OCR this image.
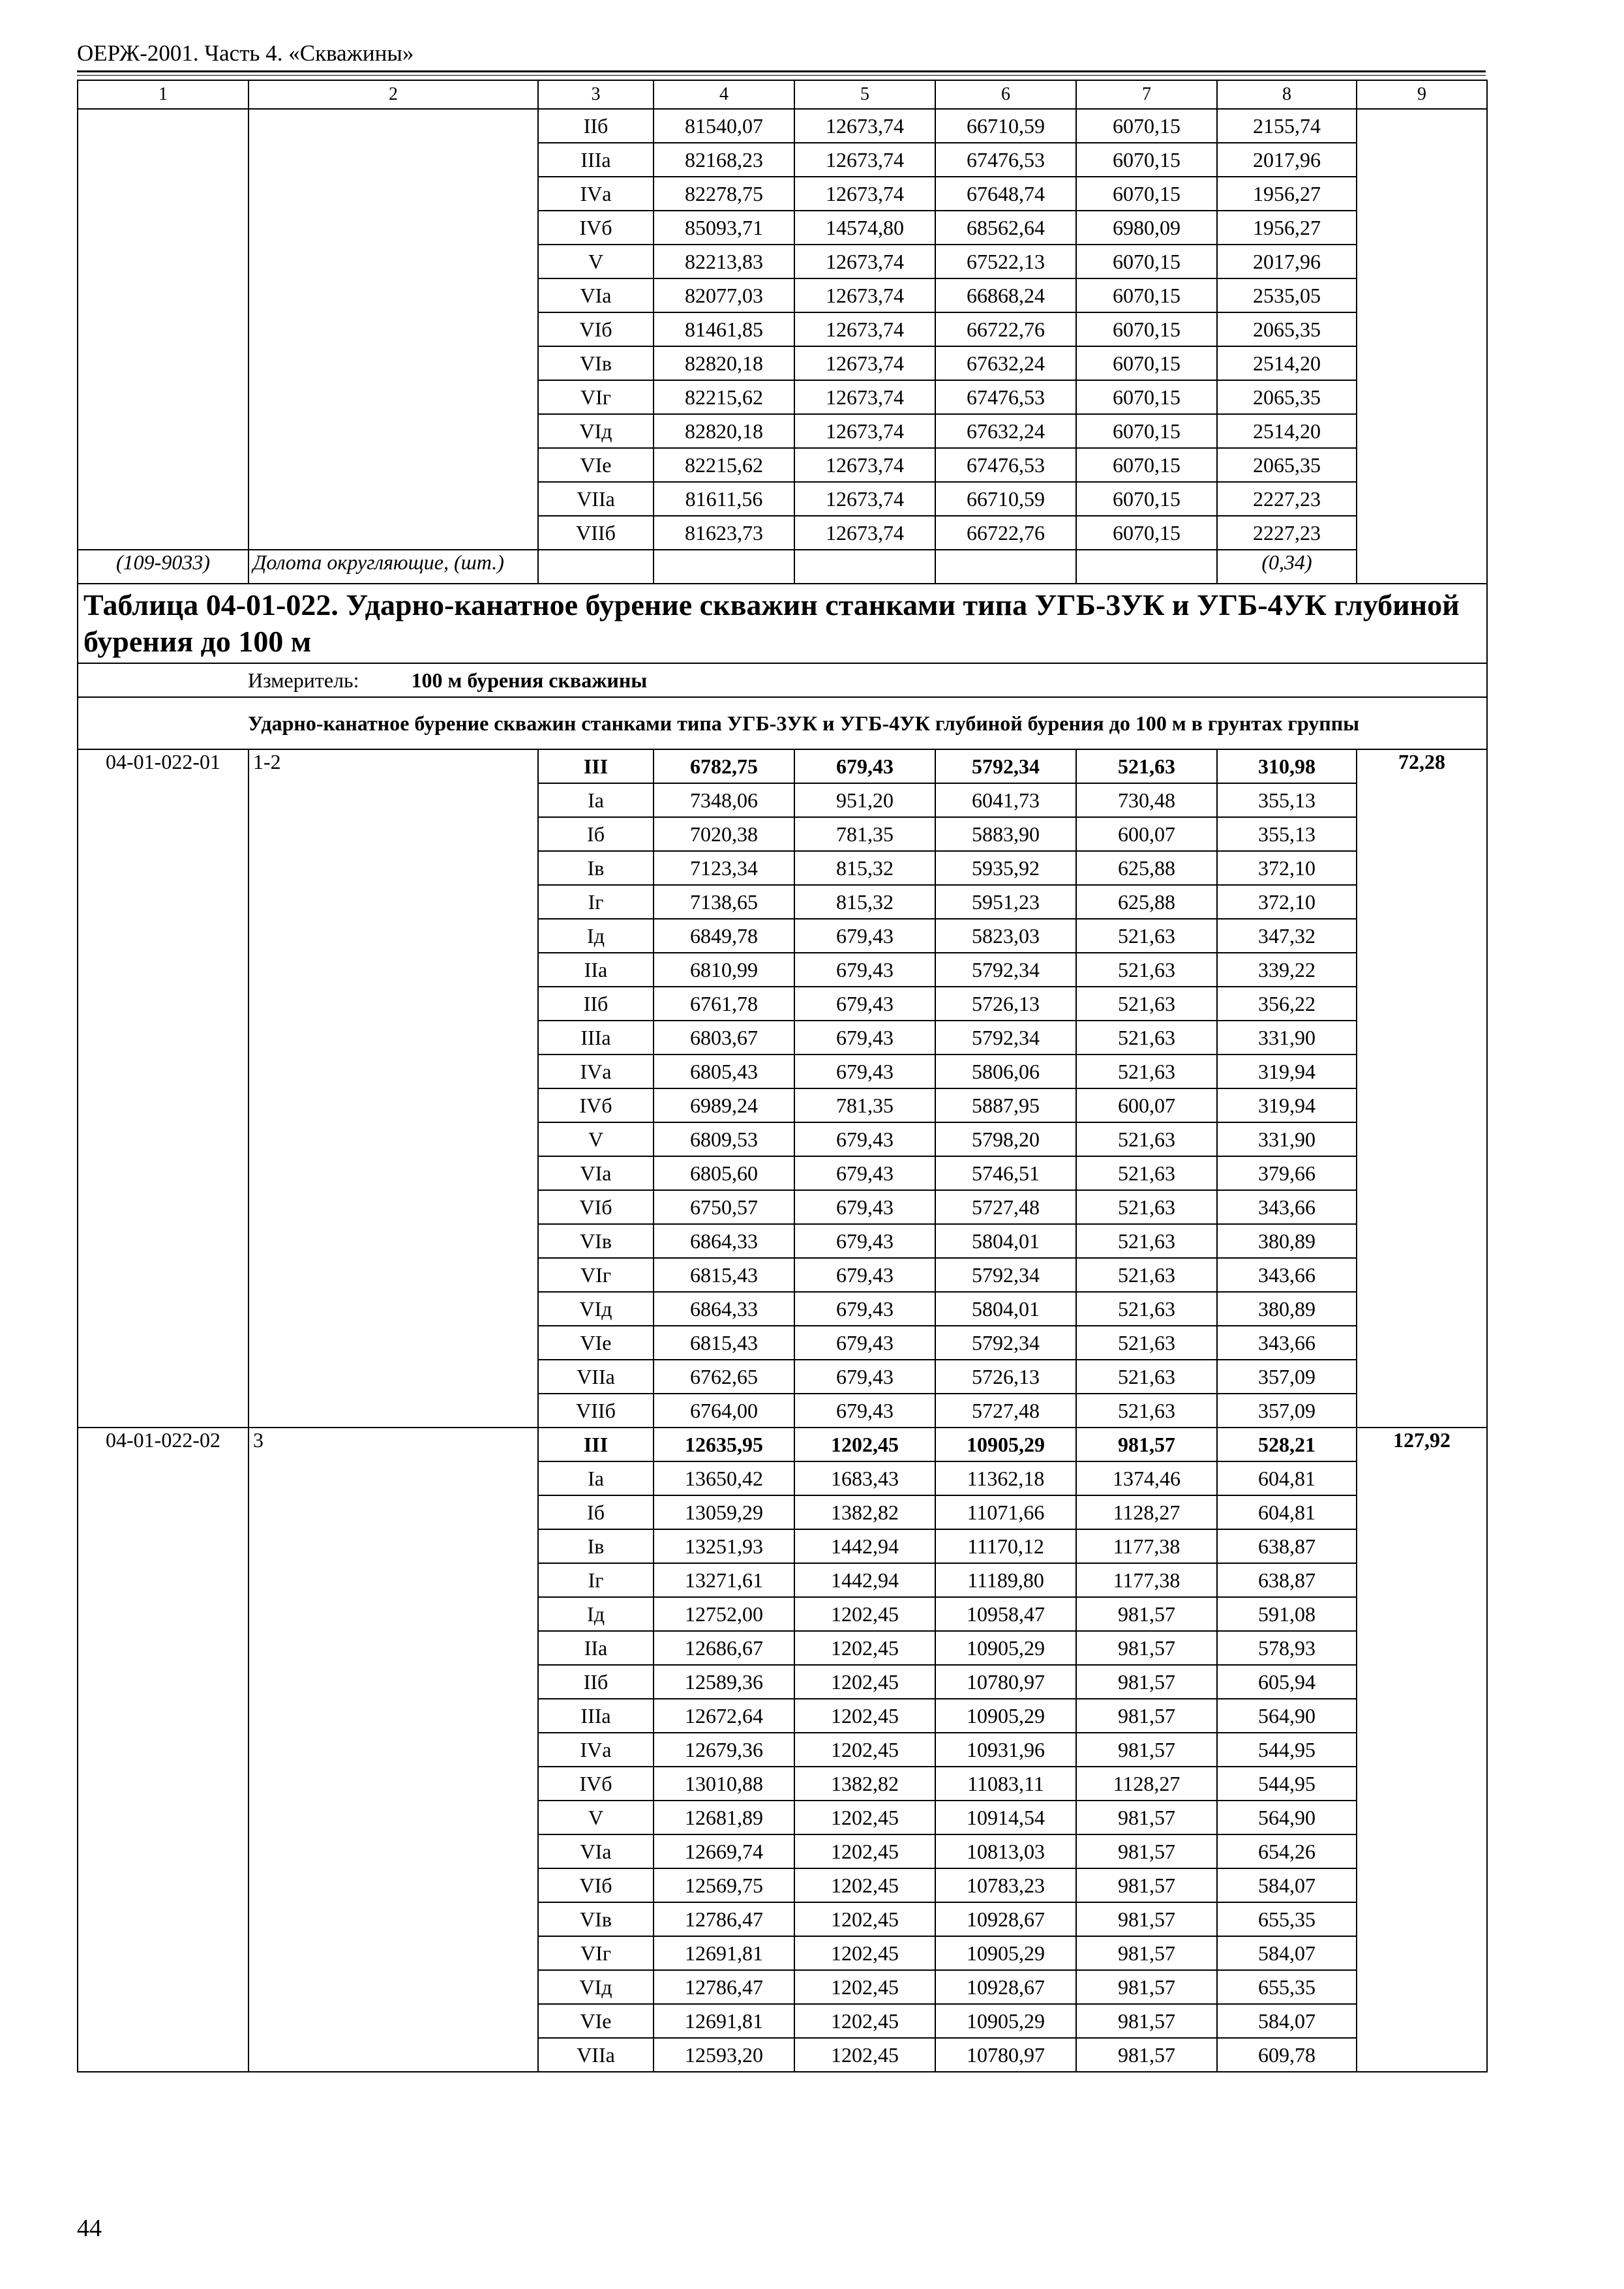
ОЕРЖ-2001. Часть 4. «Скважины»
1	2	3	4	5	6	7	8	9
		IIб	81540,07	12673,74	66710,59	6070,15	2155,74	
		IIIа	82168,23	12673,74	67476,53	6070,15	2017,96	
		IVа	82278,75	12673,74	67648,74	6070,15	1956,27	
		IVб	85093,71	14574,80	68562,64	6980,09	1956,27	
		V	82213,83	12673,74	67522,13	6070,15	2017,96	
		VIа	82077,03	12673,74	66868,24	6070,15	2535,05	
		VIб	81461,85	12673,74	66722,76	6070,15	2065,35	
		VIв	82820,18	12673,74	67632,24	6070,15	2514,20	
		VIг	82215,62	12673,74	67476,53	6070,15	2065,35	
		VIд	82820,18	12673,74	67632,24	6070,15	2514,20	
		VIе	82215,62	12673,74	67476,53	6070,15	2065,35	
		VIIа	81611,56	12673,74	66710,59	6070,15	2227,23	
		VIIб	81623,73	12673,74	66722,76	6070,15	2227,23	
(109-9033)	Долота округляющие, (шт.)						(0,34)	
Таблица 04-01-022. Ударно-канатное бурение скважин станками типа УГБ-3УК и УГБ-4УК глубиной бурения до 100 м								
Измеритель: 100 м бурения скважины								
Ударно-канатное бурение скважин станками типа УГБ-3УК и УГБ-4УК глубиной бурения до 100 м в грунтах группы								
04-01-022-01	1-2	III	6782,75	679,43	5792,34	521,63	310,98	72,28
		Iа	7348,06	951,20	6041,73	730,48	355,13	
		Iб	7020,38	781,35	5883,90	600,07	355,13	
		Iв	7123,34	815,32	5935,92	625,88	372,10	
		Iг	7138,65	815,32	5951,23	625,88	372,10	
		Iд	6849,78	679,43	5823,03	521,63	347,32	
		IIа	6810,99	679,43	5792,34	521,63	339,22	
		IIб	6761,78	679,43	5726,13	521,63	356,22	
		IIIа	6803,67	679,43	5792,34	521,63	331,90	
		IVа	6805,43	679,43	5806,06	521,63	319,94	
		IVб	6989,24	781,35	5887,95	600,07	319,94	
		V	6809,53	679,43	5798,20	521,63	331,90	
		VIа	6805,60	679,43	5746,51	521,63	379,66	
		VIб	6750,57	679,43	5727,48	521,63	343,66	
		VIв	6864,33	679,43	5804,01	521,63	380,89	
		VIг	6815,43	679,43	5792,34	521,63	343,66	
		VIд	6864,33	679,43	5804,01	521,63	380,89	
		VIе	6815,43	679,43	5792,34	521,63	343,66	
		VIIа	6762,65	679,43	5726,13	521,63	357,09	
		VIIб	6764,00	679,43	5727,48	521,63	357,09	
04-01-022-02	3	III	12635,95	1202,45	10905,29	981,57	528,21	127,92
		Iа	13650,42	1683,43	11362,18	1374,46	604,81	
		Iб	13059,29	1382,82	11071,66	1128,27	604,81	
		Iв	13251,93	1442,94	11170,12	1177,38	638,87	
		Iг	13271,61	1442,94	11189,80	1177,38	638,87	
		Iд	12752,00	1202,45	10958,47	981,57	591,08	
		IIа	12686,67	1202,45	10905,29	981,57	578,93	
		IIб	12589,36	1202,45	10780,97	981,57	605,94	
		IIIа	12672,64	1202,45	10905,29	981,57	564,90	
		IVа	12679,36	1202,45	10931,96	981,57	544,95	
		IVб	13010,88	1382,82	11083,11	1128,27	544,95	
		V	12681,89	1202,45	10914,54	981,57	564,90	
		VIа	12669,74	1202,45	10813,03	981,57	654,26	
		VIб	12569,75	1202,45	10783,23	981,57	584,07	
		VIв	12786,47	1202,45	10928,67	981,57	655,35	
		VIг	12691,81	1202,45	10905,29	981,57	584,07	
		VIд	12786,47	1202,45	10928,67	981,57	655,35	
		VIе	12691,81	1202,45	10905,29	981,57	584,07	
		VIIа	12593,20	1202,45	10780,97	981,57	609,78	
44
